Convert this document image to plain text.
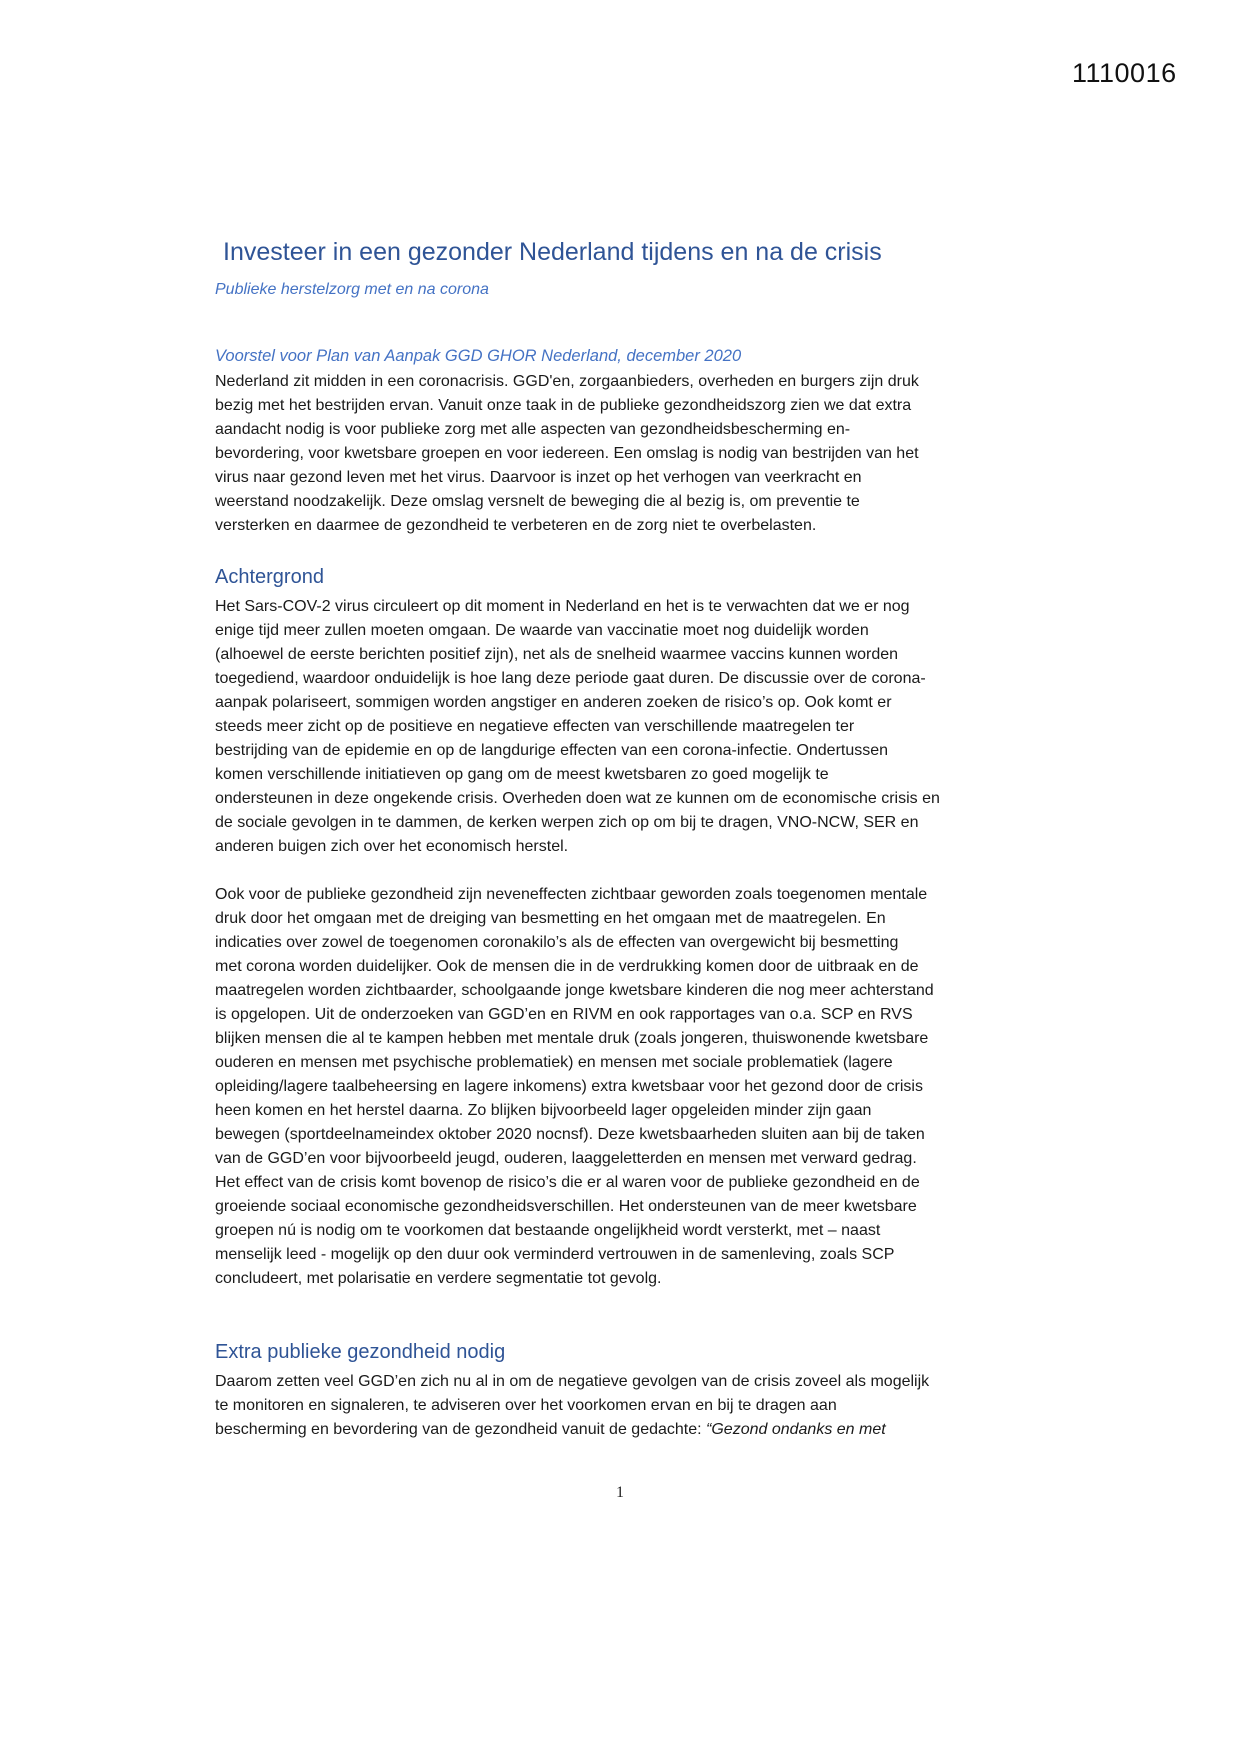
1110016
Investeer in een gezonder Nederland tijdens en na de crisis
Publieke herstelzorg met en na corona
Voorstel voor Plan van Aanpak GGD GHOR Nederland, december 2020
Nederland zit midden in een coronacrisis. GGD'en, zorgaanbieders, overheden en burgers zijn druk
bezig met het bestrijden ervan. Vanuit onze taak in de publieke gezondheidszorg zien we dat extra
aandacht nodig is voor publieke zorg met alle aspecten van gezondheidsbescherming en-
bevordering, voor kwetsbare groepen en voor iedereen. Een omslag is nodig van bestrijden van het
virus naar gezond leven met het virus. Daarvoor is inzet op het verhogen van veerkracht en
weerstand noodzakelijk. Deze omslag versnelt de beweging die al bezig is, om preventie te
versterken en daarmee de gezondheid te verbeteren en de zorg niet te overbelasten.
Achtergrond
Het Sars-COV-2 virus circuleert op dit moment in Nederland en het is te verwachten dat we er nog
enige tijd meer zullen moeten omgaan. De waarde van vaccinatie moet nog duidelijk worden
(alhoewel de eerste berichten positief zijn), net als de snelheid waarmee vaccins kunnen worden
toegediend, waardoor onduidelijk is hoe lang deze periode gaat duren. De discussie over de corona-
aanpak polariseert, sommigen worden angstiger en anderen zoeken de risico’s op. Ook komt er
steeds meer zicht op de positieve en negatieve effecten van verschillende maatregelen ter
bestrijding van de epidemie en op de langdurige effecten van een corona-infectie. Ondertussen
komen verschillende initiatieven op gang om de meest kwetsbaren zo goed mogelijk te
ondersteunen in deze ongekende crisis. Overheden doen wat ze kunnen om de economische crisis en
de sociale gevolgen in te dammen, de kerken werpen zich op om bij te dragen, VNO-NCW, SER en
anderen buigen zich over het economisch herstel.
Ook voor de publieke gezondheid zijn neveneffecten zichtbaar geworden zoals toegenomen mentale
druk door het omgaan met de dreiging van besmetting en het omgaan met de maatregelen. En
indicaties over zowel de toegenomen coronakilo’s als de effecten van overgewicht bij besmetting
met corona worden duidelijker. Ook de mensen die in de verdrukking komen door de uitbraak en de
maatregelen worden zichtbaarder, schoolgaande jonge kwetsbare kinderen die nog meer achterstand
is opgelopen. Uit de onderzoeken van GGD’en en RIVM en ook rapportages van o.a. SCP en RVS
blijken mensen die al te kampen hebben met mentale druk (zoals jongeren, thuiswonende kwetsbare
ouderen en mensen met psychische problematiek) en mensen met sociale problematiek (lagere
opleiding/lagere taalbeheersing en lagere inkomens) extra kwetsbaar voor het gezond door de crisis
heen komen en het herstel daarna. Zo blijken bijvoorbeeld lager opgeleiden minder zijn gaan
bewegen (sportdeelnameindex oktober 2020 nocnsf). Deze kwetsbaarheden sluiten aan bij de taken
van de GGD’en voor bijvoorbeeld jeugd, ouderen, laaggeletterden en mensen met verward gedrag.
Het effect van de crisis komt bovenop de risico’s die er al waren voor de publieke gezondheid en de
groeiende sociaal economische gezondheidsverschillen. Het ondersteunen van de meer kwetsbare
groepen nú is nodig om te voorkomen dat bestaande ongelijkheid wordt versterkt, met – naast
menselijk leed - mogelijk op den duur ook verminderd vertrouwen in de samenleving, zoals SCP
concludeert, met polarisatie en verdere segmentatie tot gevolg.
Extra publieke gezondheid nodig
Daarom zetten veel GGD’en zich nu al in om de negatieve gevolgen van de crisis zoveel als mogelijk
te monitoren en signaleren, te adviseren over het voorkomen ervan en bij te dragen aan
bescherming en bevordering van de gezondheid vanuit de gedachte: “Gezond ondanks en met
1
